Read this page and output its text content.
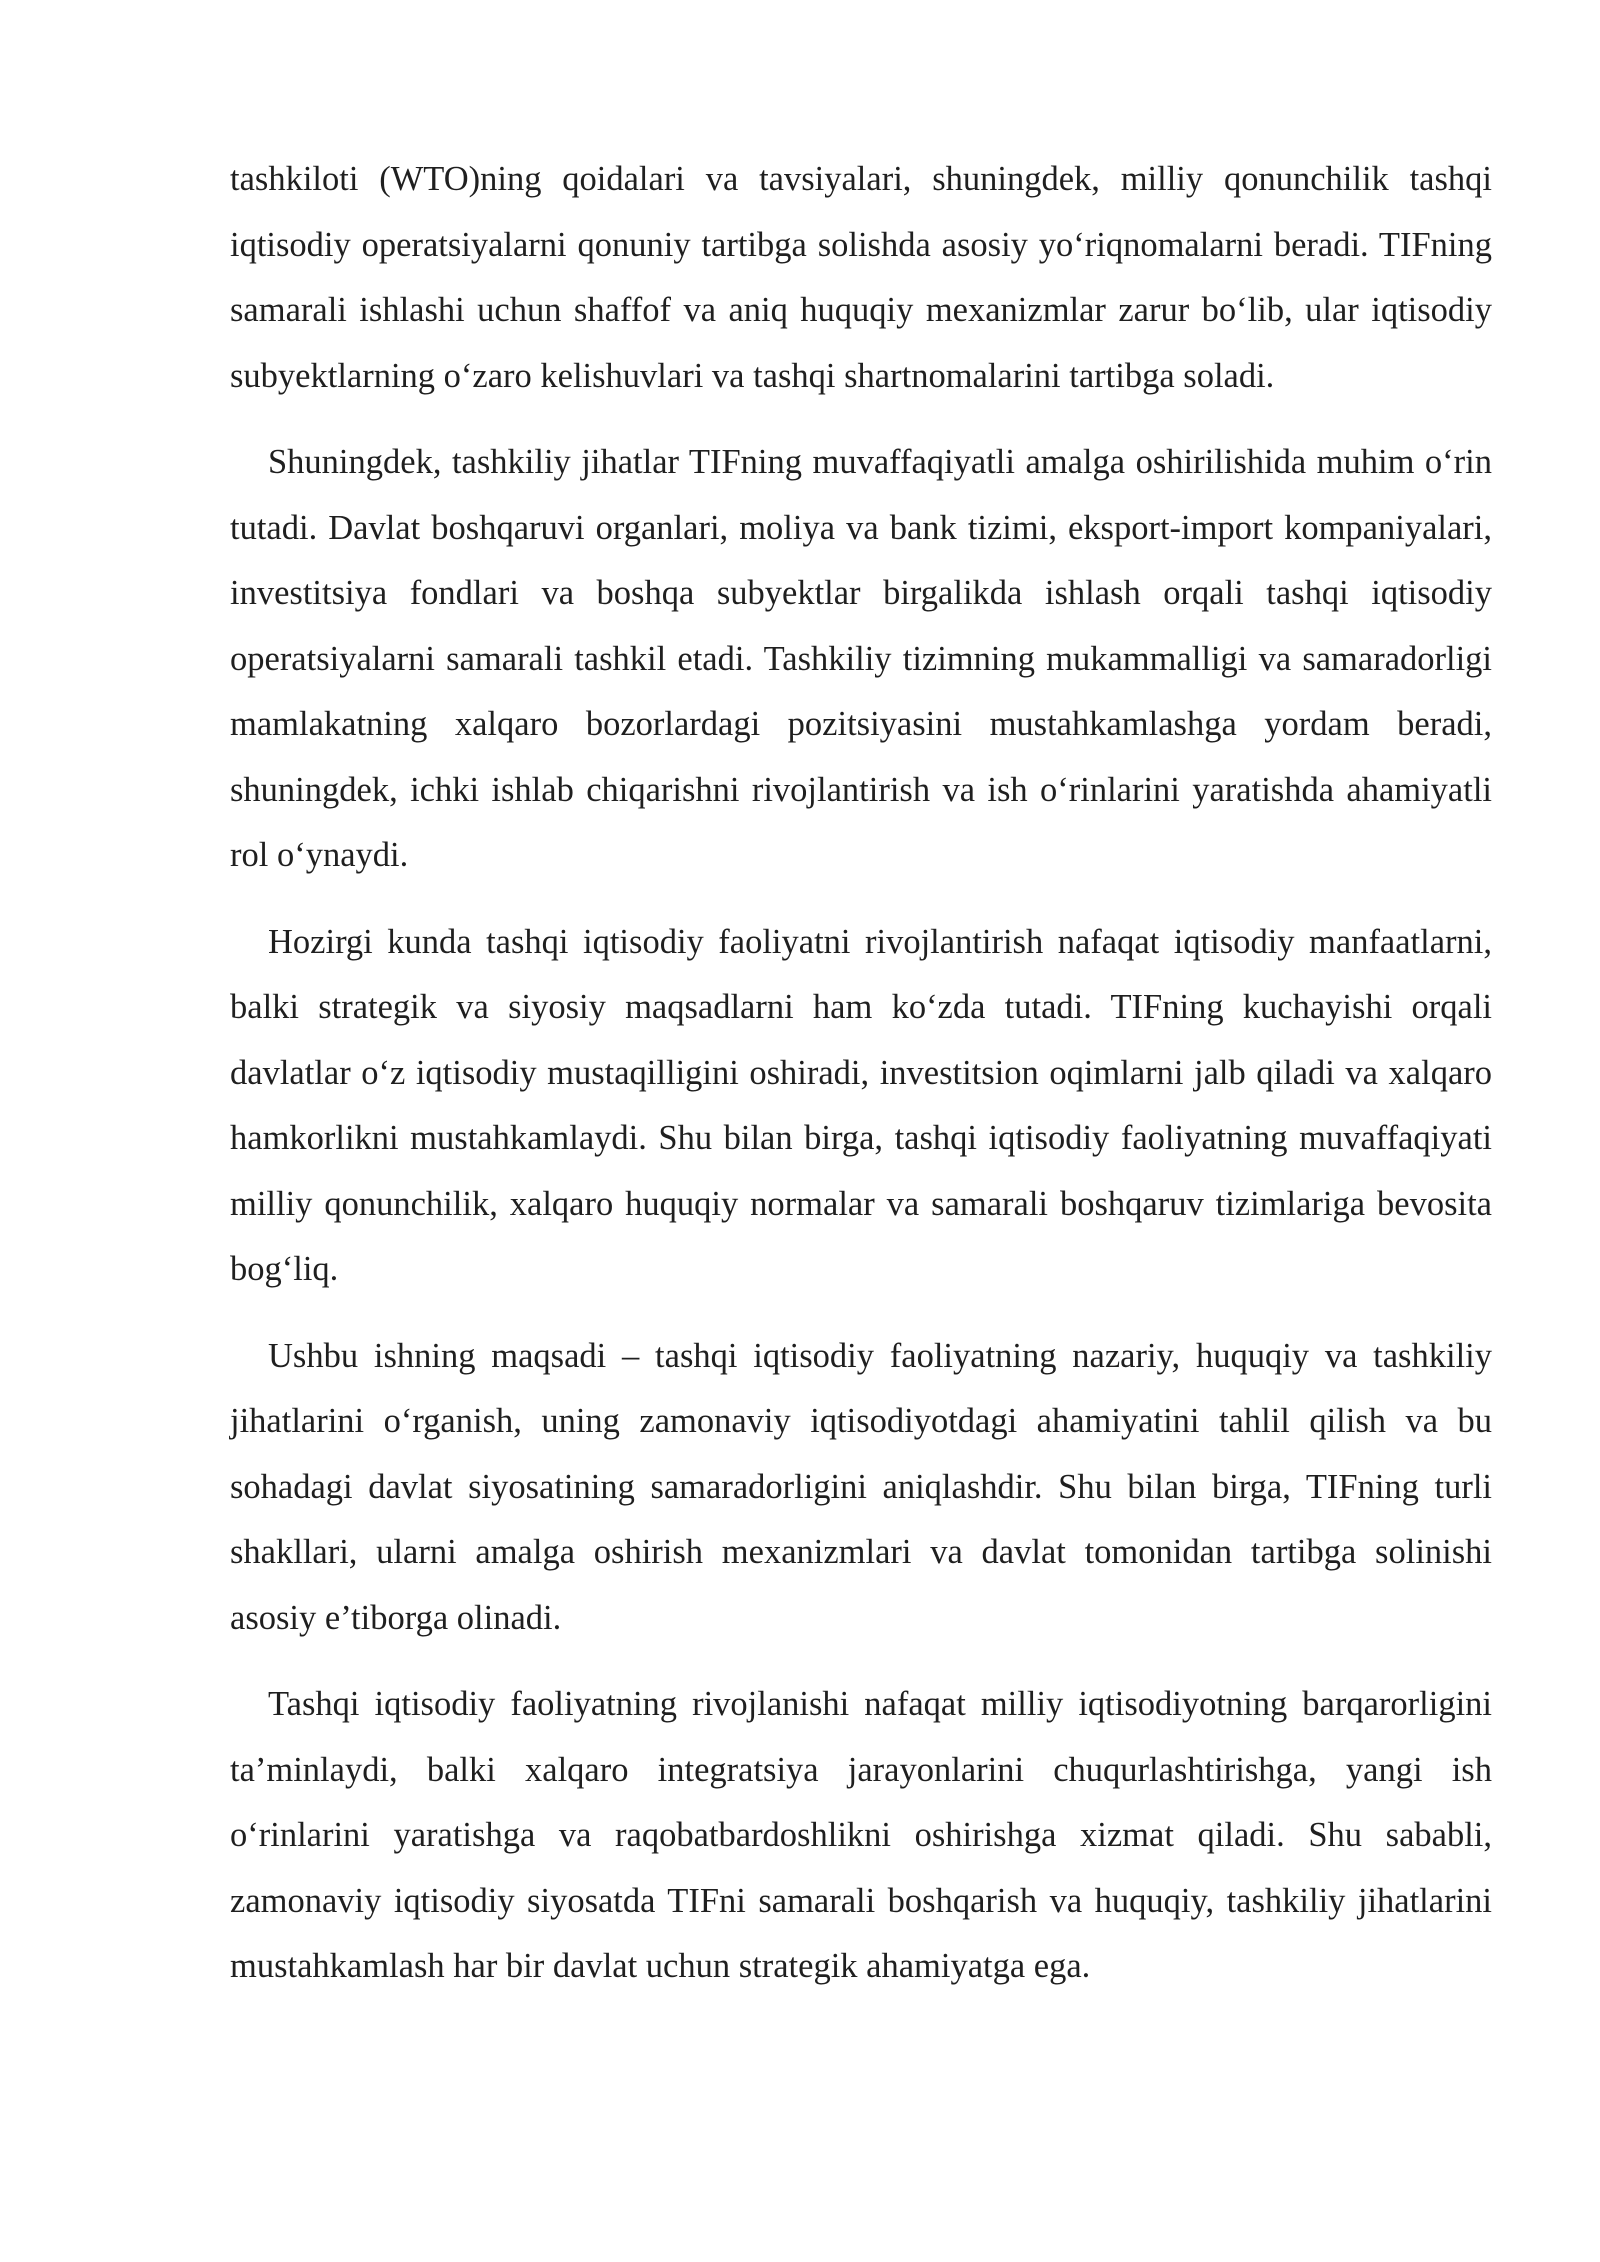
tashkiloti (WTO)ning qoidalari va tavsiyalari, shuningdek, milliy qonunchilik tashqi iqtisodiy operatsiyalarni qonuniy tartibga solishda asosiy yo‘riqnomalarni beradi. TIFning samarali ishlashi uchun shaffof va aniq huquqiy mexanizmlar zarur bo‘lib, ular iqtisodiy subyektlarning o‘zaro kelishuvlari va tashqi shartnomalarini tartibga soladi.

Shuningdek, tashkiliy jihatlar TIFning muvaffaqiyatli amalga oshirilishida muhim o‘rin tutadi. Davlat boshqaruvi organlari, moliya va bank tizimi, eksport-import kompaniyalari, investitsiya fondlari va boshqa subyektlar birgalikda ishlash orqali tashqi iqtisodiy operatsiyalarni samarali tashkil etadi. Tashkiliy tizimning mukammalligi va samaradorligi mamlakatning xalqaro bozorlardagi pozitsiyasini mustahkamlashga yordam beradi, shuningdek, ichki ishlab chiqarishni rivojlantirish va ish o‘rinlarini yaratishda ahamiyatli rol o‘ynaydi.

Hozirgi kunda tashqi iqtisodiy faoliyatni rivojlantirish nafaqat iqtisodiy manfaatlarni, balki strategik va siyosiy maqsadlarni ham ko‘zda tutadi. TIFning kuchayishi orqali davlatlar o‘z iqtisodiy mustaqilligini oshiradi, investitsion oqimlarni jalb qiladi va xalqaro hamkorlikni mustahkamlaydi. Shu bilan birga, tashqi iqtisodiy faoliyatning muvaffaqiyati milliy qonunchilik, xalqaro huquqiy normalar va samarali boshqaruv tizimlariga bevosita bog‘liq.

Ushbu ishning maqsadi – tashqi iqtisodiy faoliyatning nazariy, huquqiy va tashkiliy jihatlarini o‘rganish, uning zamonaviy iqtisodiyotdagi ahamiyatini tahlil qilish va bu sohadagi davlat siyosatining samaradorligini aniqlashdir. Shu bilan birga, TIFning turli shakllari, ularni amalga oshirish mexanizmlari va davlat tomonidan tartibga solinishi asosiy e’tiborga olinadi.

Tashqi iqtisodiy faoliyatning rivojlanishi nafaqat milliy iqtisodiyotning barqarorligini ta’minlaydi, balki xalqaro integratsiya jarayonlarini chuqurlashtirishga, yangi ish o‘rinlarini yaratishga va raqobatbardoshlikni oshirishga xizmat qiladi. Shu sababli, zamonaviy iqtisodiy siyosatda TIFni samarali boshqarish va huquqiy, tashkiliy jihatlarini mustahkamlash har bir davlat uchun strategik ahamiyatga ega.
